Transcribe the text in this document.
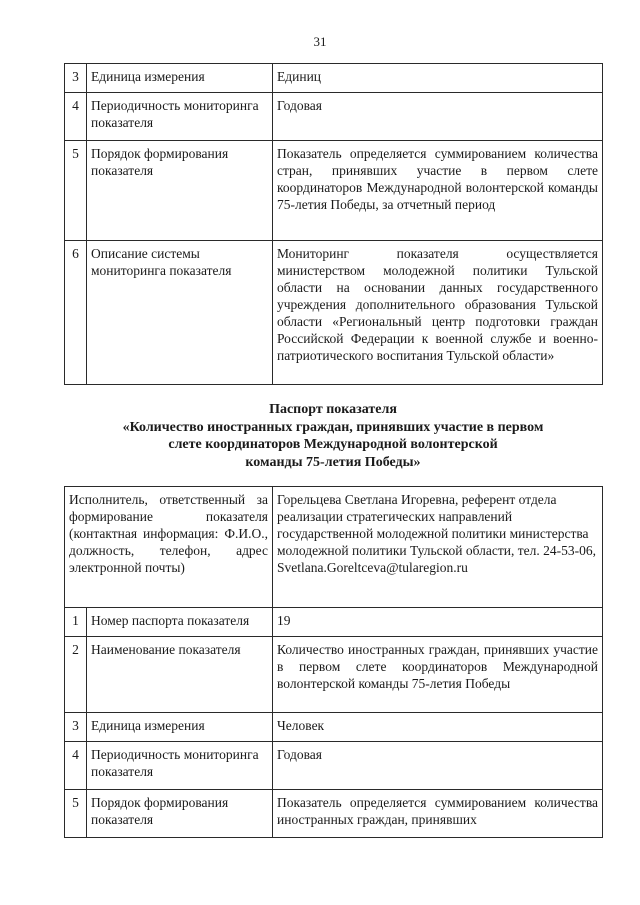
31
3	Единица измерения	Единиц
4	Периодичность мониторинга показателя	Годовая
5	Порядок формирования показателя	Показатель определяется суммированием количества стран, принявших участие в первом слете координаторов Международной волонтерской команды 75-летия Победы, за отчетный период
6	Описание системы мониторинга показателя	Мониторинг показателя осуществляется министерством молодежной политики Тульской области на основании данных государственного учреждения дополнительного образования Тульской области «Региональный центр подготовки граждан Российской Федерации к военной службе и военно-патриотического воспитания Тульской области»
Паспорт показателя
«Количество иностранных граждан, принявших участие в первом
слете координаторов Международной волонтерской
команды 75-летия Победы»
Исполнитель, ответственный за формирование показателя (контактная информация: Ф.И.О., должность, телефон, адрес электронной почты)		Горельцева Светлана Игоревна, референт отдела реализации стратегических направлений государственной молодежной политики министерства молодежной политики Тульской области, тел. 24-53-06,
Svetlana.Goreltceva@tularegion.ru

1	Номер паспорта показателя	19
2	Наименование показателя	Количество иностранных граждан, принявших участие в первом слете координаторов Международной волонтерской команды 75-летия Победы
3	Единица измерения	Человек
4	Периодичность мониторинга показателя	Годовая
5	Порядок формирования показателя	Показатель определяется суммированием количества иностранных граждан, принявших
